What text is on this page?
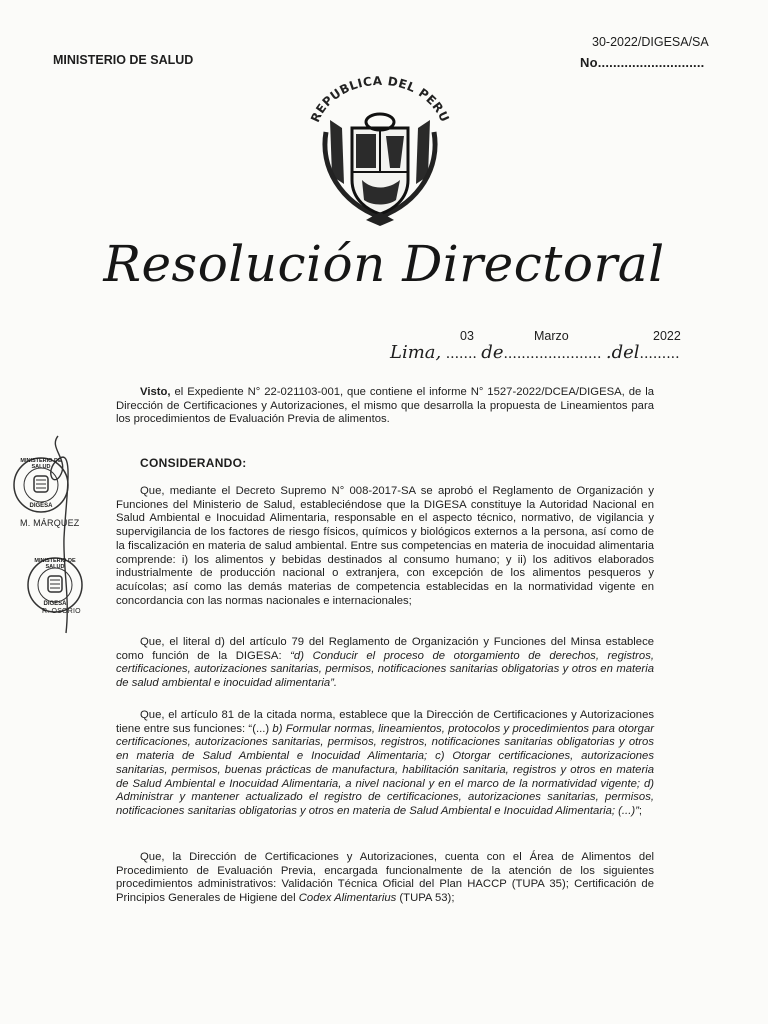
MINISTERIO DE SALUD
30-2022/DIGESA/SA
No............................
REPUBLICA DEL PERU
Resolución Directoral
03	Marzo	2022
Lima, ....... de...................... .del.........

Visto, el Expediente N° 22-021103-001, que contiene el informe N° 1527-2022/DCEA/DIGESA, de la Dirección de Certificaciones y Autorizaciones, el mismo que desarrolla la propuesta de Lineamientos para los procedimientos de Evaluación Previa de alimentos.

CONSIDERANDO:

Que, mediante el Decreto Supremo N° 008-2017-SA se aprobó el Reglamento de Organización y Funciones del Ministerio de Salud, estableciéndose que la DIGESA constituye la Autoridad Nacional en Salud Ambiental e Inocuidad Alimentaria, responsable en el aspecto técnico, normativo, de vigilancia y supervigilancia de los factores de riesgo físicos, químicos y biológicos externos a la persona, así como de la fiscalización en materia de salud ambiental. Entre sus competencias en materia de inocuidad alimentaria comprende: i) los alimentos y bebidas destinados al consumo humano; y ii) los aditivos elaborados industrialmente de producción nacional o extranjera, con excepción de los alimentos pesqueros y acuícolas; así como las demás materias de competencia establecidas en la normatividad vigente en concordancia con las normas nacionales e internacionales;

Que, el literal d) del artículo 79 del Reglamento de Organización y Funciones del Minsa establece como función de la DIGESA: “d) Conducir el proceso de otorgamiento de derechos, registros, certificaciones, autorizaciones sanitarias, permisos, notificaciones sanitarias obligatorias y otros en materia de salud ambiental e inocuidad alimentaria”.

Que, el artículo 81 de la citada norma, establece que la Dirección de Certificaciones y Autorizaciones tiene entre sus funciones: “(...) b) Formular normas, lineamientos, protocolos y procedimientos para otorgar certificaciones, autorizaciones sanitarias, permisos, registros, notificaciones sanitarias obligatorias y otros en materia de Salud Ambiental e Inocuidad Alimentaria; c) Otorgar certificaciones, autorizaciones sanitarias, permisos, buenas prácticas de manufactura, habilitación sanitaria, registros y otros en materia de Salud Ambiental e Inocuidad Alimentaria, a nivel nacional y en el marco de la normatividad vigente; d) Administrar y mantener actualizado el registro de certificaciones, autorizaciones sanitarias, permisos, notificaciones sanitarias obligatorias y otros en materia de Salud Ambiental e Inocuidad Alimentaria; (...)”;

Que, la Dirección de Certificaciones y Autorizaciones, cuenta con el Área de Alimentos del Procedimiento de Evaluación Previa, encargada funcionalmente de la atención de los siguientes procedimientos administrativos: Validación Técnica Oficial del Plan HACCP (TUPA 35); Certificación de Principios Generales de Higiene del Codex Alimentarius (TUPA 53);

MINISTERIO DE SALUD
DIGESA
M. MÁRQUEZ
MINISTERIO DE SALUD
DIGESA
R. OSORIO
